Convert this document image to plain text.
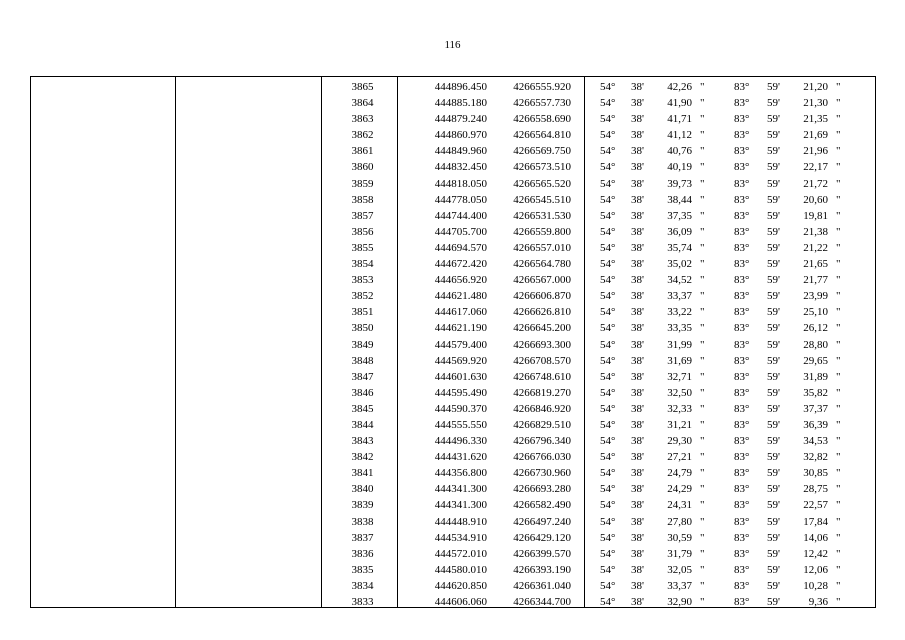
116
3865	444896.450	4266555.920	54°	38'	42,26 "	83°	59'	21,20 "
3864	444885.180	4266557.730	54°	38'	41,90 "	83°	59'	21,30 "
3863	444879.240	4266558.690	54°	38'	41,71 "	83°	59'	21,35 "
3862	444860.970	4266564.810	54°	38'	41,12 "	83°	59'	21,69 "
3861	444849.960	4266569.750	54°	38'	40,76 "	83°	59'	21,96 "
3860	444832.450	4266573.510	54°	38'	40,19 "	83°	59'	22,17 "
3859	444818.050	4266565.520	54°	38'	39,73 "	83°	59'	21,72 "
3858	444778.050	4266545.510	54°	38'	38,44 "	83°	59'	20,60 "
3857	444744.400	4266531.530	54°	38'	37,35 "	83°	59'	19,81 "
3856	444705.700	4266559.800	54°	38'	36,09 "	83°	59'	21,38 "
3855	444694.570	4266557.010	54°	38'	35,74 "	83°	59'	21,22 "
3854	444672.420	4266564.780	54°	38'	35,02 "	83°	59'	21,65 "
3853	444656.920	4266567.000	54°	38'	34,52 "	83°	59'	21,77 "
3852	444621.480	4266606.870	54°	38'	33,37 "	83°	59'	23,99 "
3851	444617.060	4266626.810	54°	38'	33,22 "	83°	59'	25,10 "
3850	444621.190	4266645.200	54°	38'	33,35 "	83°	59'	26,12 "
3849	444579.400	4266693.300	54°	38'	31,99 "	83°	59'	28,80 "
3848	444569.920	4266708.570	54°	38'	31,69 "	83°	59'	29,65 "
3847	444601.630	4266748.610	54°	38'	32,71 "	83°	59'	31,89 "
3846	444595.490	4266819.270	54°	38'	32,50 "	83°	59'	35,82 "
3845	444590.370	4266846.920	54°	38'	32,33 "	83°	59'	37,37 "
3844	444555.550	4266829.510	54°	38'	31,21 "	83°	59'	36,39 "
3843	444496.330	4266796.340	54°	38'	29,30 "	83°	59'	34,53 "
3842	444431.620	4266766.030	54°	38'	27,21 "	83°	59'	32,82 "
3841	444356.800	4266730.960	54°	38'	24,79 "	83°	59'	30,85 "
3840	444341.300	4266693.280	54°	38'	24,29 "	83°	59'	28,75 "
3839	444341.300	4266582.490	54°	38'	24,31 "	83°	59'	22,57 "
3838	444448.910	4266497.240	54°	38'	27,80 "	83°	59'	17,84 "
3837	444534.910	4266429.120	54°	38'	30,59 "	83°	59'	14,06 "
3836	444572.010	4266399.570	54°	38'	31,79 "	83°	59'	12,42 "
3835	444580.010	4266393.190	54°	38'	32,05 "	83°	59'	12,06 "
3834	444620.850	4266361.040	54°	38'	33,37 "	83°	59'	10,28 "
3833	444606.060	4266344.700	54°	38'	32,90 "	83°	59'	9,36 "
